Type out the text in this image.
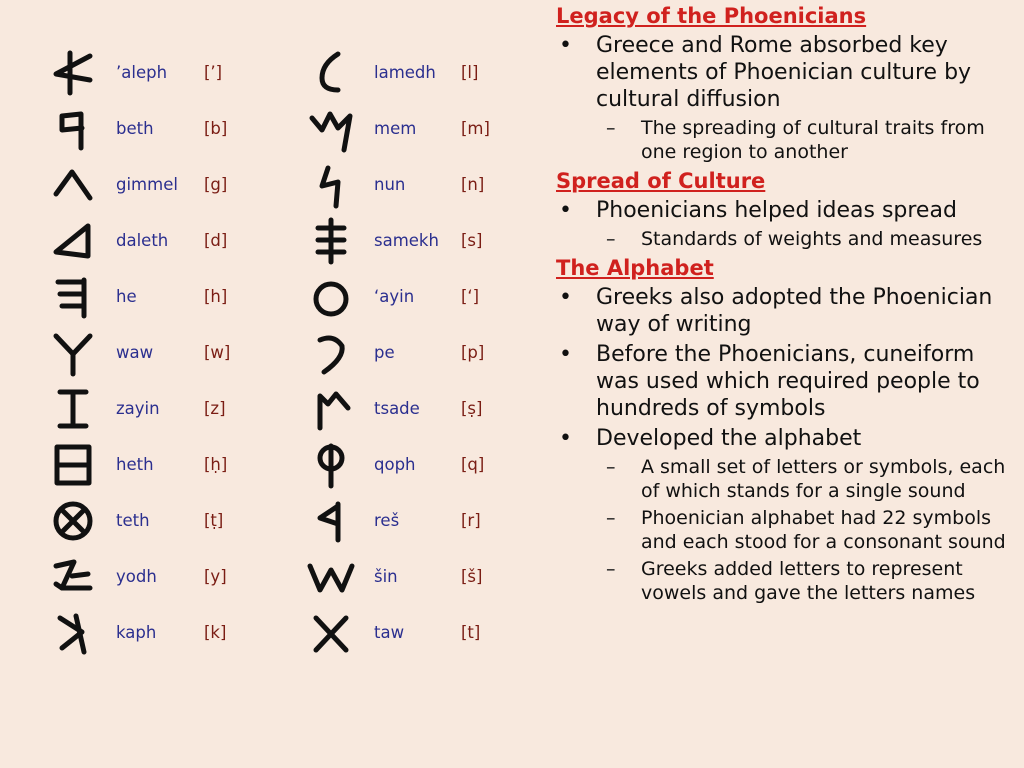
’aleph [’]
beth	[b]
gimmel [g]
daleth [d]
he	[h]
waw	[w]
zayin	[z]
heth	[ḥ]
teth	[ṭ]
yodh	[y]
kaph	[k]
lamedh [l]
mem	[m]
nun	[n]
samekh [s]
‘ayin	[‘]
pe	[p]
tsade [ṣ]
qoph	[q]
reš	[r]
šin	[š]
taw	[t]
Legacy of the Phoenicians
• Greece and Rome absorbed key elements of Phoenician culture by cultural diffusion
– The spreading of cultural traits from one region to another
Spread of Culture
• Phoenicians helped ideas spread
– Standards of weights and measures
The Alphabet
• Greeks also adopted the Phoenician way of writing
• Before the Phoenicians, cuneiform was used which required people to hundreds of symbols
• Developed the alphabet
– A small set of letters or symbols, each of which stands for a single sound
– Phoenician alphabet had 22 symbols and each stood for a consonant sound
– Greeks added letters to represent vowels and gave the letters names
